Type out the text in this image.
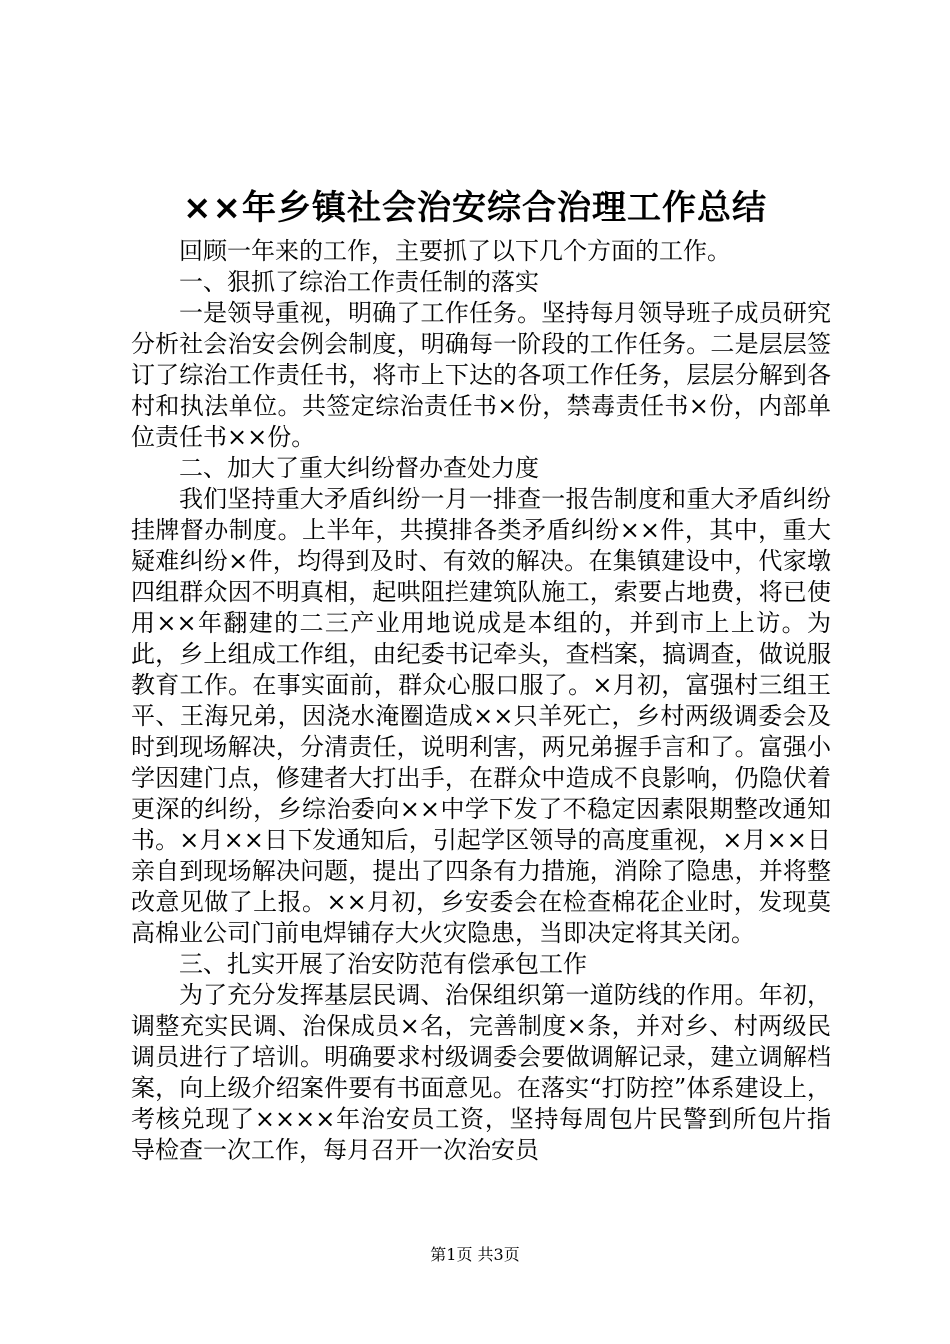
××年乡镇社会治安综合治理工作总结

回顾一年来的工作，主要抓了以下几个方面的工作。

一、狠抓了综治工作责任制的落实

一是领导重视，明确了工作任务。坚持每月领导班子成员研究分析社会治安会例会制度，明确每一阶段的工作任务。二是层层签订了综治工作责任书，将市上下达的各项工作任务，层层分解到各村和执法单位。共签定综治责任书×份，禁毒责任书×份，内部单位责任书××份。

二、加大了重大纠纷督办查处力度

我们坚持重大矛盾纠纷一月一排查一报告制度和重大矛盾纠纷挂牌督办制度。上半年，共摸排各类矛盾纠纷××件，其中，重大疑难纠纷×件，均得到及时、有效的解决。在集镇建设中，代家墩四组群众因不明真相，起哄阻拦建筑队施工，索要占地费，将已使用××年翻建的二三产业用地说成是本组的，并到市上上访。为此，乡上组成工作组，由纪委书记牵头，查档案，搞调查，做说服教育工作。在事实面前，群众心服口服了。×月初，富强村三组王平、王海兄弟，因浇水淹圈造成××只羊死亡，乡村两级调委会及时到现场解决，分清责任，说明利害，两兄弟握手言和了。富强小学因建门点，修建者大打出手，在群众中造成不良影响，仍隐伏着更深的纠纷，乡综治委向××中学下发了不稳定因素限期整改通知书。×月××日下发通知后，引起学区领导的高度重视，×月××日亲自到现场解决问题，提出了四条有力措施，消除了隐患，并将整改意见做了上报。××月初，乡安委会在检查棉花企业时，发现莫高棉业公司门前电焊铺存大火灾隐患，当即决定将其关闭。

三、扎实开展了治安防范有偿承包工作

为了充分发挥基层民调、治保组织第一道防线的作用。年初，调整充实民调、治保成员×名，完善制度×条，并对乡、村两级民调员进行了培训。明确要求村级调委会要做调解记录，建立调解档案，向上级介绍案件要有书面意见。在落实“打防控”体系建设上，考核兑现了××××年治安员工资，坚持每周包片民警到所包片指导检查一次工作，每月召开一次治安员

第1页 共3页
